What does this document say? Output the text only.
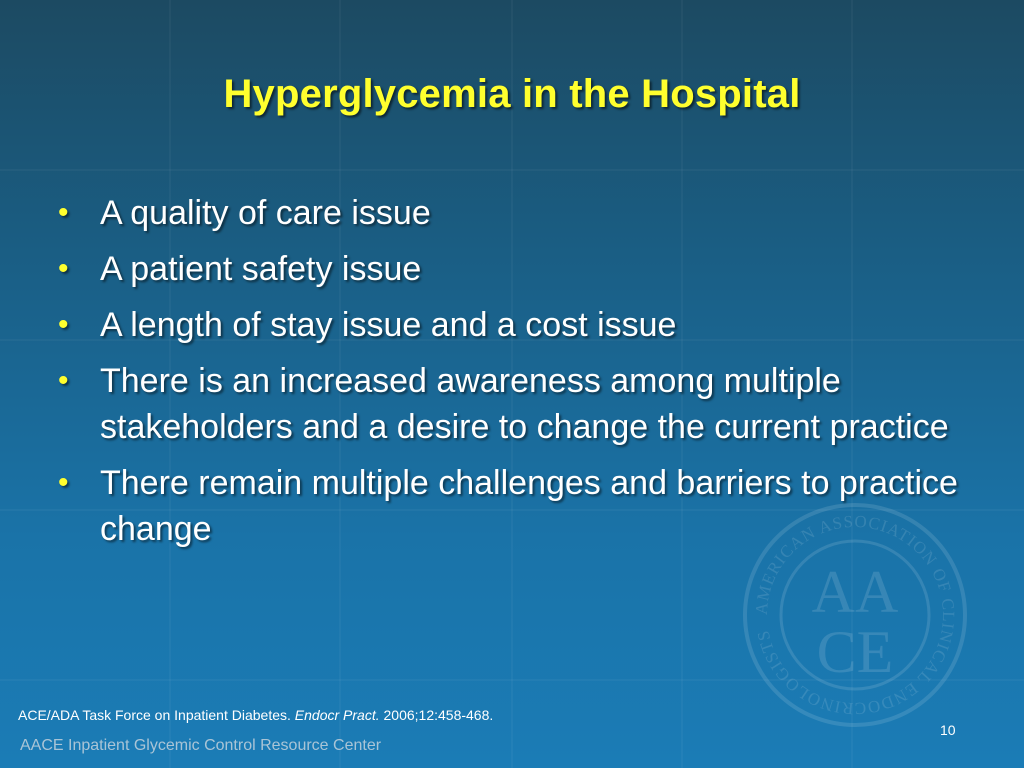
Hyperglycemia in the Hospital
• A quality of care issue
• A patient safety issue
• A length of stay issue and a cost issue
• There is an increased awareness among multiple stakeholders and a desire to change the current practice
• There remain multiple challenges and barriers to practice change
AMERICAN ASSOCIATION OF CLINICAL ENDOCRINOLOGISTS
AA
CE
ACE/ADA Task Force on Inpatient Diabetes. Endocr Pract. 2006;12:458-468.
10
AACE Inpatient Glycemic Control Resource Center
